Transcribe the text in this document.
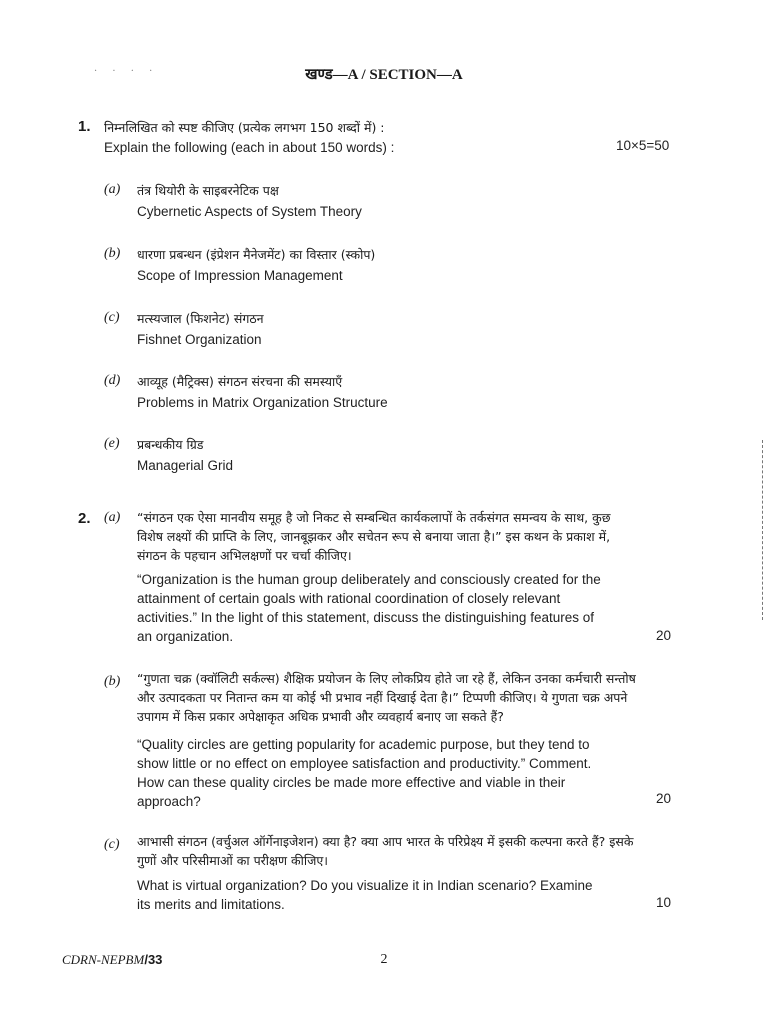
· · · ·	खण्ड—A / SECTION—A
1. निम्नलिखित को स्पष्ट कीजिए (प्रत्येक लगभग 150 शब्दों में) :
Explain the following (each in about 150 words) :	10×5=50
(a) तंत्र थियोरी के साइबरनेटिक पक्ष
Cybernetic Aspects of System Theory
(b) धारणा प्रबन्धन (इंप्रेशन मैनेजमेंट) का विस्तार (स्कोप)
Scope of Impression Management
(c) मत्स्यजाल (फिशनेट) संगठन
Fishnet Organization
(d) आव्यूह (मैट्रिक्स) संगठन संरचना की समस्याएँ
Problems in Matrix Organization Structure
(e) प्रबन्धकीय ग्रिड
Managerial Grid
2. (a) “संगठन एक ऐसा मानवीय समूह है जो निकट से सम्बन्धित कार्यकलापों के तर्कसंगत समन्वय के साथ, कुछ
विशेष लक्ष्यों की प्राप्ति के लिए, जानबूझकर और सचेतन रूप से बनाया जाता है।” इस कथन के प्रकाश में,
संगठन के पहचान अभिलक्षणों पर चर्चा कीजिए।
“Organization is the human group deliberately and consciously created for the
attainment of certain goals with rational coordination of closely relevant
activities.” In the light of this statement, discuss the distinguishing features of
an organization.	20
(b) “गुणता चक्र (क्वॉलिटी सर्कल्स) शैक्षिक प्रयोजन के लिए लोकप्रिय होते जा रहे हैं, लेकिन उनका कर्मचारी सन्तोष
और उत्पादकता पर नितान्त कम या कोई भी प्रभाव नहीं दिखाई देता है।” टिप्पणी कीजिए। ये गुणता चक्र अपने
उपागम में किस प्रकार अपेक्षाकृत अधिक प्रभावी और व्यवहार्य बनाए जा सकते हैं?
“Quality circles are getting popularity for academic purpose, but they tend to
show little or no effect on employee satisfaction and productivity.” Comment.
How can these quality circles be made more effective and viable in their
approach?	20
(c) आभासी संगठन (वर्चुअल ऑर्गेनाइजेशन) क्या है? क्या आप भारत के परिप्रेक्ष्य में इसकी कल्पना करते हैं? इसके
गुणों और परिसीमाओं का परीक्षण कीजिए।
What is virtual organization? Do you visualize it in Indian scenario? Examine
its merits and limitations.	10
CDRN-NEPBM/33	2
